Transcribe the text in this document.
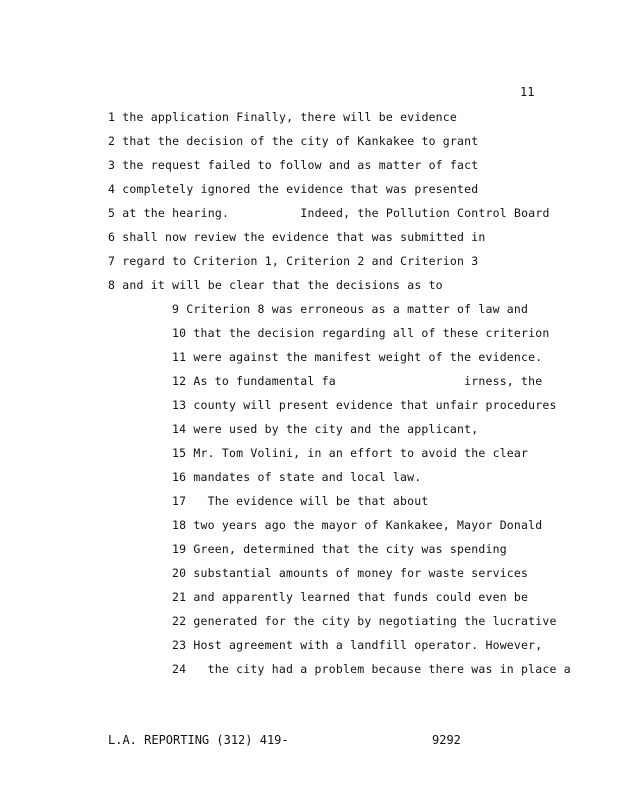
11
1 the application Finally, there will be evidence
2 that the decision of the city of Kankakee to grant
3 the request failed to follow and as matter of fact
4 completely ignored the evidence that was presented
5 at the hearing.          Indeed, the Pollution Control Board
6 shall now review the evidence that was submitted in
7 regard to Criterion 1, Criterion 2 and Criterion 3
8 and it will be clear that the decisions as to
9 Criterion 8 was erroneous as a matter of law and
10 that the decision regarding all of these criterion
11 were against the manifest weight of the evidence.
12 As to fundamental fa                  irness, the
13 county will present evidence that unfair procedures
14 were used by the city and the applicant,
15 Mr. Tom Volini, in an effort to avoid the clear
16 mandates of state and local law.
17   The evidence will be that about
18 two years ago the mayor of Kankakee, Mayor Donald
19 Green, determined that the city was spending
20 substantial amounts of money for waste services
21 and apparently learned that funds could even be
22 generated for the city by negotiating the lucrative
23 Host agreement with a landfill operator. However,
24   the city had a problem because there was in place a
L.A. REPORTING (312) 419-	9292
